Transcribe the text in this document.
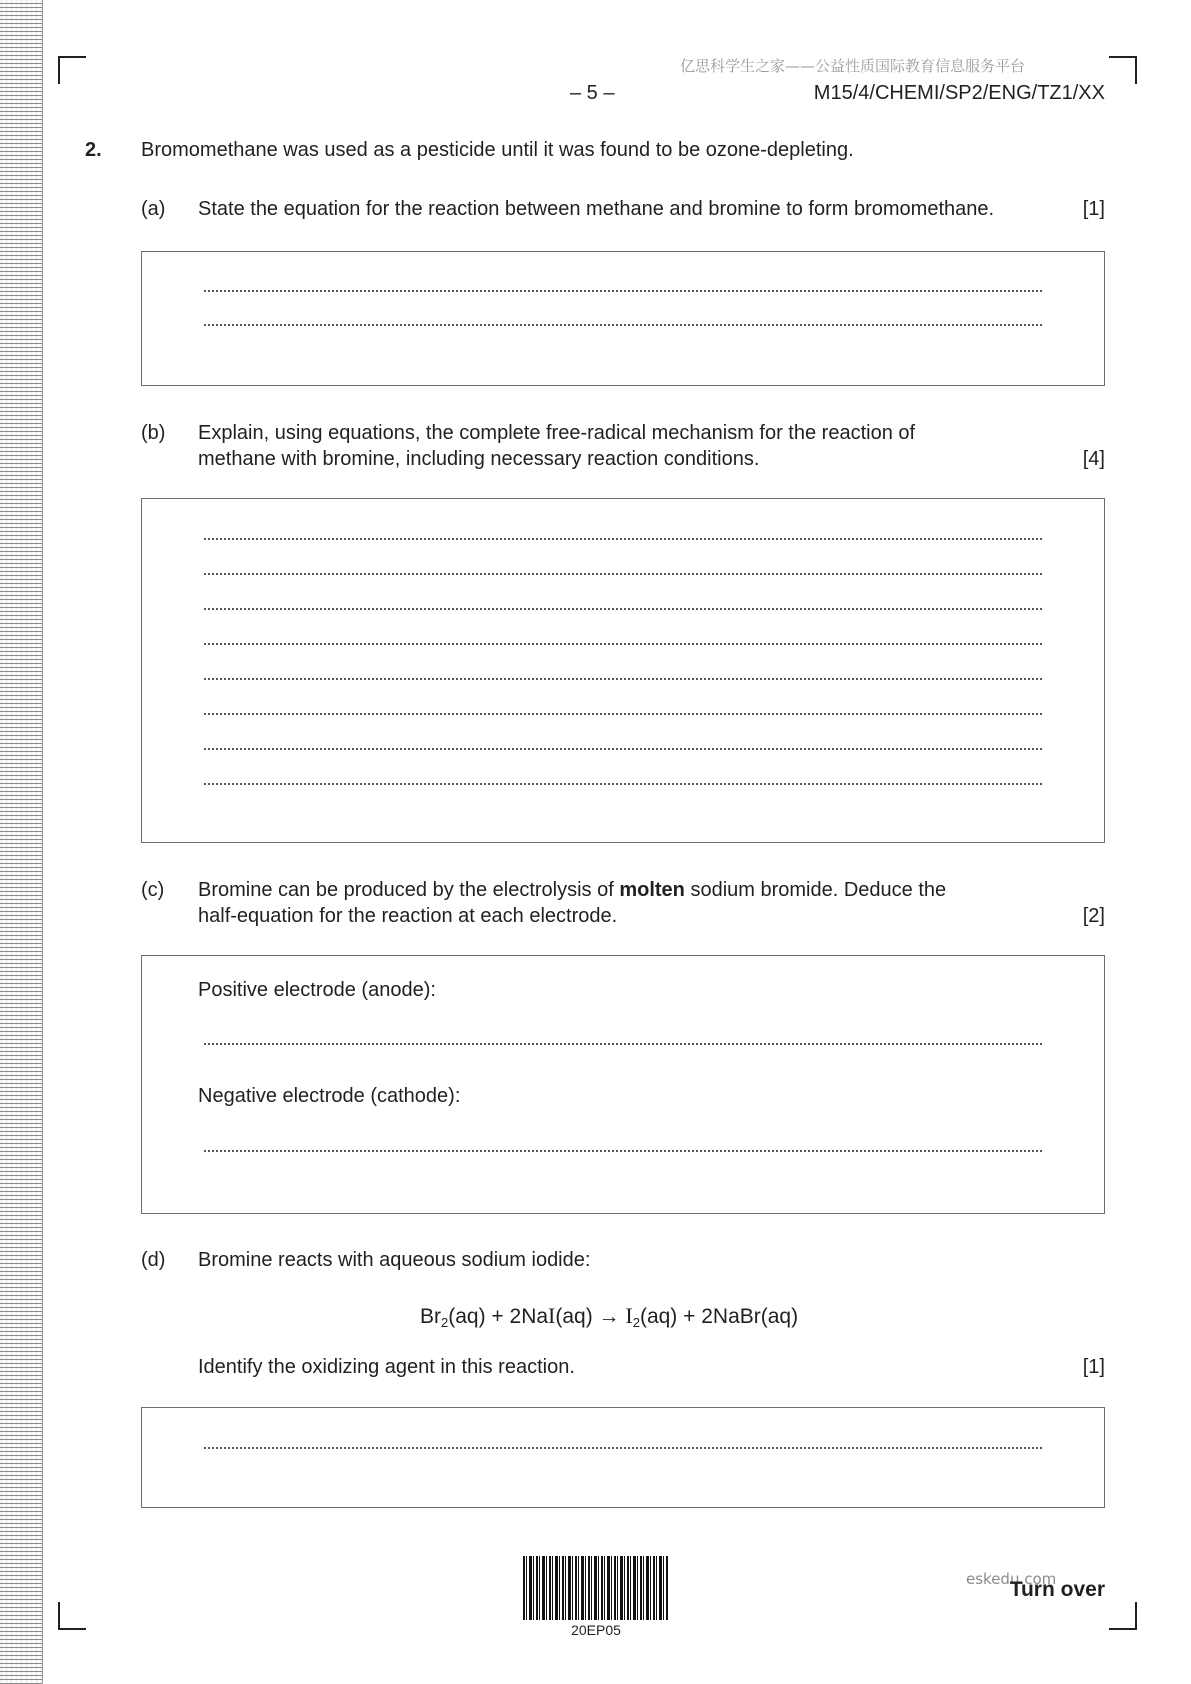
亿思科学生之家——公益性质国际教育信息服务平台
– 5 –	M15/4/CHEMI/SP2/ENG/TZ1/XX
2. Bromomethane was used as a pesticide until it was found to be ozone-depleting.
(a) State the equation for the reaction between methane and bromine to form bromomethane.	[1]
(b) Explain, using equations, the complete free-radical mechanism for the reaction of
methane with bromine, including necessary reaction conditions.	[4]
(c) Bromine can be produced by the electrolysis of molten sodium bromide. Deduce the
half-equation for the reaction at each electrode.	[2]
Positive electrode (anode):
Negative electrode (cathode):
(d) Bromine reacts with aqueous sodium iodide:
$Br_2(aq) + 2NaI(aq) \to I_2(aq)$ + 2NaBr(aq)
Identify the oxidizing agent in this reaction.	[1]
20EP05
eskedu.com
Turn over
